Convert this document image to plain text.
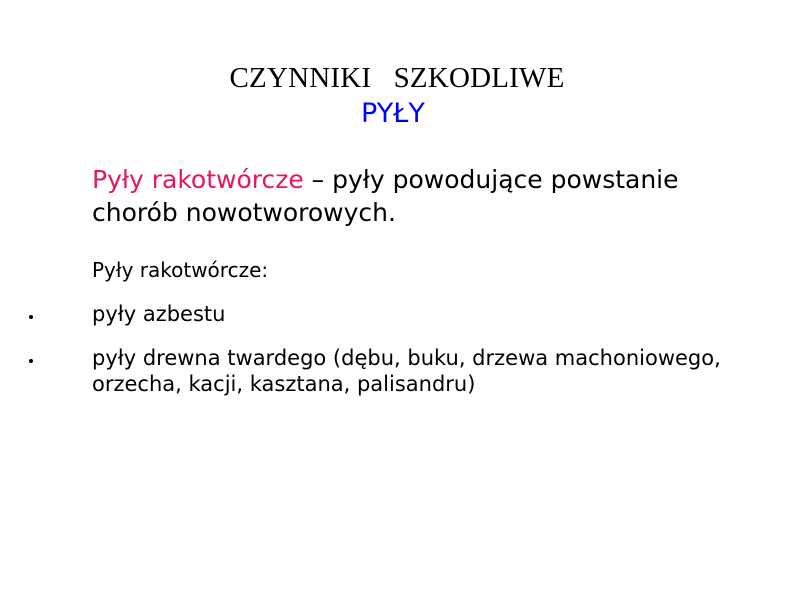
CZYNNIKI   SZKODLIWE
PYŁY
Pyły rakotwórcze – pyły powodujące powstanie chorób nowotworowych.
Pyły rakotwórcze:
pyły azbestu
pyły drewna twardego (dębu, buku, drzewa machoniowego, orzecha, kacji, kasztana, palisandru)
